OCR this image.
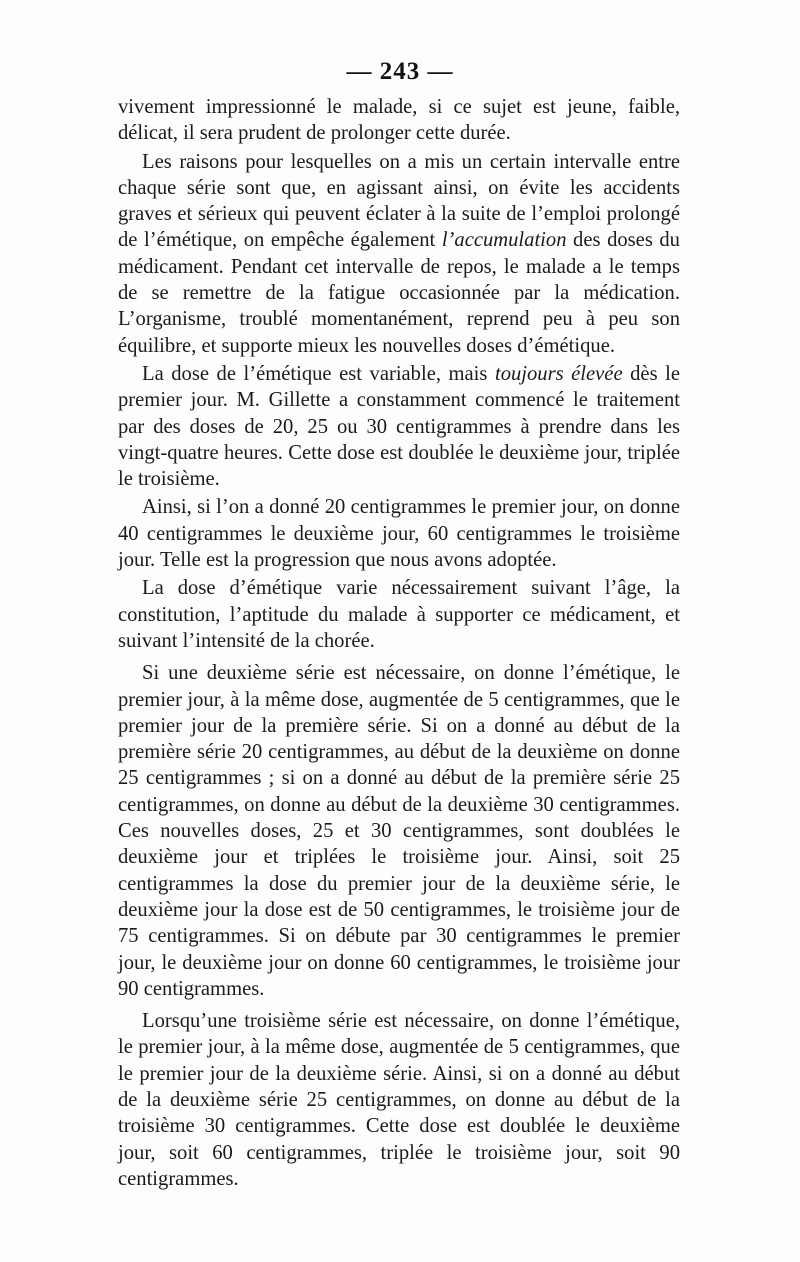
— 243 —

vivement impressionné le malade, si ce sujet est jeune, faible, délicat, il sera prudent de prolonger cette durée.

Les raisons pour lesquelles on a mis un certain intervalle entre chaque série sont que, en agissant ainsi, on évite les accidents graves et sérieux qui peuvent éclater à la suite de l’emploi prolongé de l’émétique, on empêche également l’accumulation des doses du médicament. Pendant cet intervalle de repos, le malade a le temps de se remettre de la fatigue occasionnée par la médication. L’organisme, troublé momentanément, reprend peu à peu son équilibre, et supporte mieux les nouvelles doses d’émétique.

La dose de l’émétique est variable, mais toujours élevée dès le premier jour. M. Gillette a constamment commencé le traitement par des doses de 20, 25 ou 30 centigrammes à prendre dans les vingt-quatre heures. Cette dose est doublée le deuxième jour, triplée le troisième.

Ainsi, si l’on a donné 20 centigrammes le premier jour, on donne 40 centigrammes le deuxième jour, 60 centigrammes le troisième jour. Telle est la progression que nous avons adoptée.

La dose d’émétique varie nécessairement suivant l’âge, la constitution, l’aptitude du malade à supporter ce médicament, et suivant l’intensité de la chorée.

Si une deuxième série est nécessaire, on donne l’émétique, le premier jour, à la même dose, augmentée de 5 centigrammes, que le premier jour de la première série. Si on a donné au début de la première série 20 centigrammes, au début de la deuxième on donne 25 centigrammes ; si on a donné au début de la première série 25 centigrammes, on donne au début de la deuxième 30 centigrammes. Ces nouvelles doses, 25 et 30 centigrammes, sont doublées le deuxième jour et triplées le troisième jour. Ainsi, soit 25 centigrammes la dose du premier jour de la deuxième série, le deuxième jour la dose est de 50 centigrammes, le troisième jour de 75 centigrammes. Si on débute par 30 centigrammes le premier jour, le deuxième jour on donne 60 centigrammes, le troisième jour 90 centigrammes.

Lorsqu’une troisième série est nécessaire, on donne l’émétique, le premier jour, à la même dose, augmentée de 5 centigrammes, que le premier jour de la deuxième série. Ainsi, si on a donné au début de la deuxième série 25 centigrammes, on donne au début de la troisième 30 centigrammes. Cette dose est doublée le deuxième jour, soit 60 centigrammes, triplée le troisième jour, soit 90 centigrammes.
